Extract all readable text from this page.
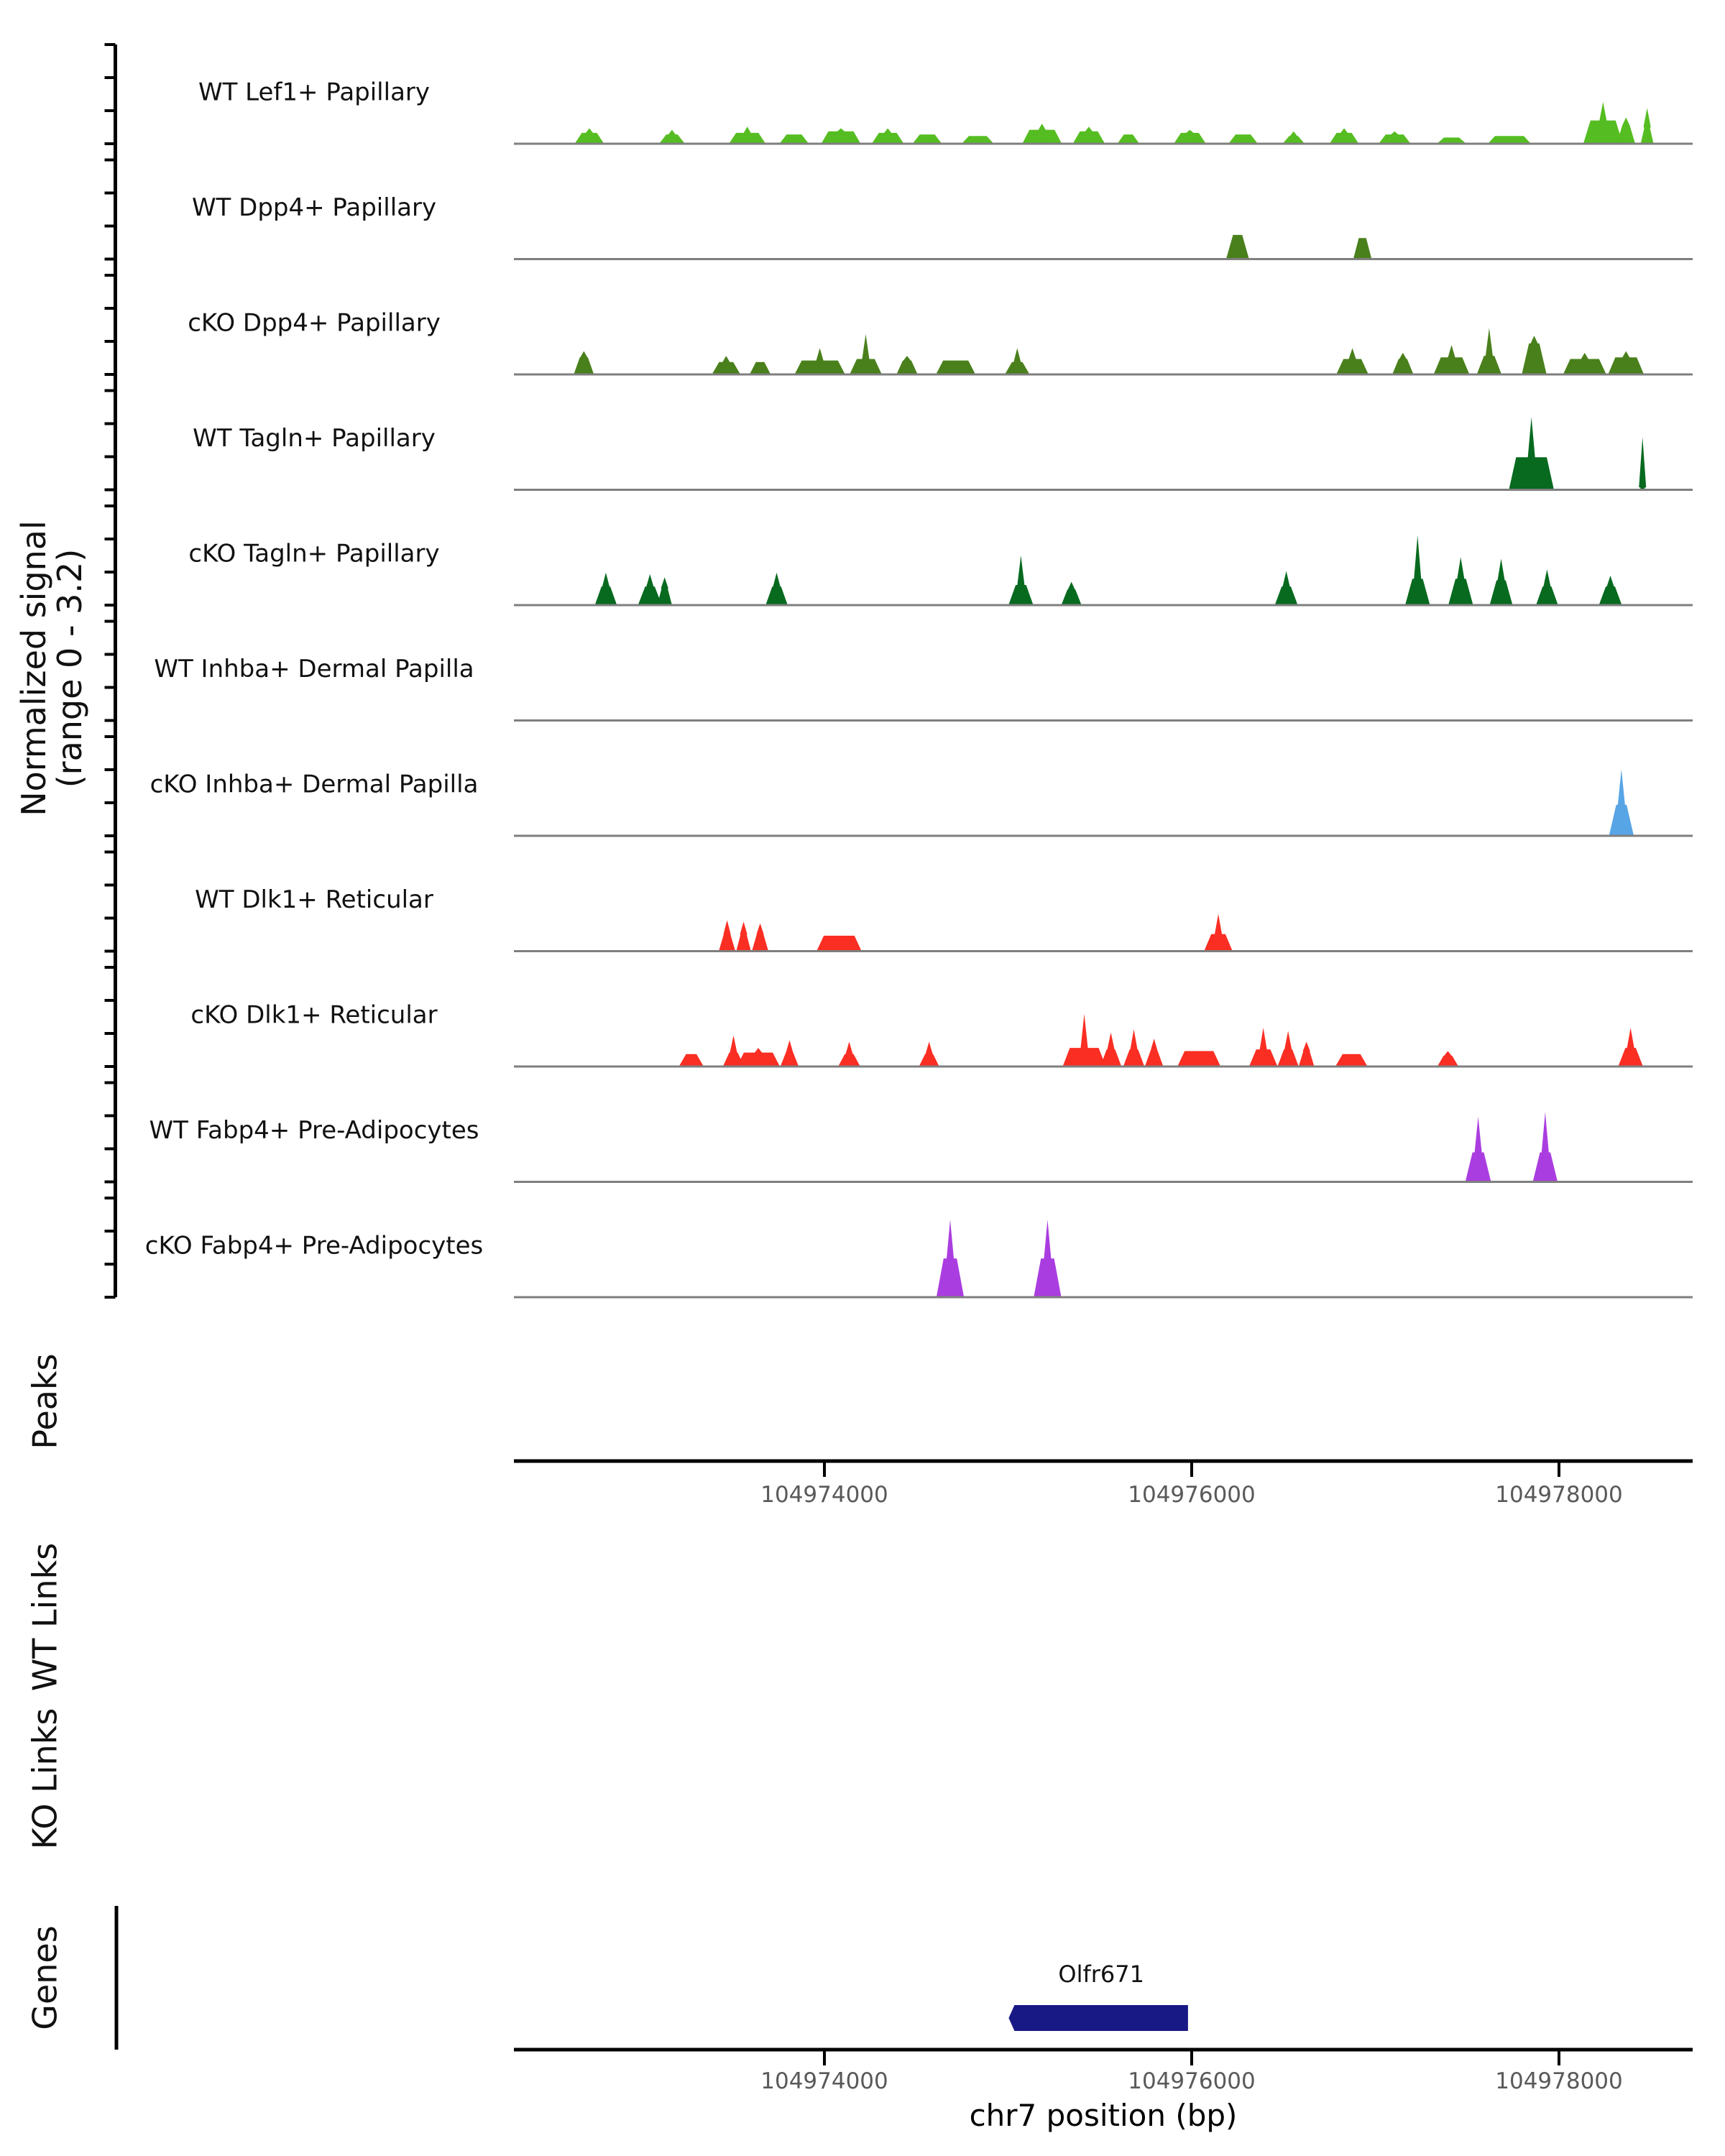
Normalized signal
(range 0 - 3.2)
WT Lef1+ Papillary
WT Dpp4+ Papillary
cKO Dpp4+ Papillary
WT Tagln+ Papillary
cKO Tagln+ Papillary
WT Inhba+ Dermal Papilla
cKO Inhba+ Dermal Papilla
WT Dlk1+ Reticular
cKO Dlk1+ Reticular
WT Fabp4+ Pre-Adipocytes
cKO Fabp4+ Pre-Adipocytes
Peaks
WT Links
KO Links
Genes
104974000	104976000	104978000
Olfr671
104974000	104976000	104978000
chr7 position (bp)
